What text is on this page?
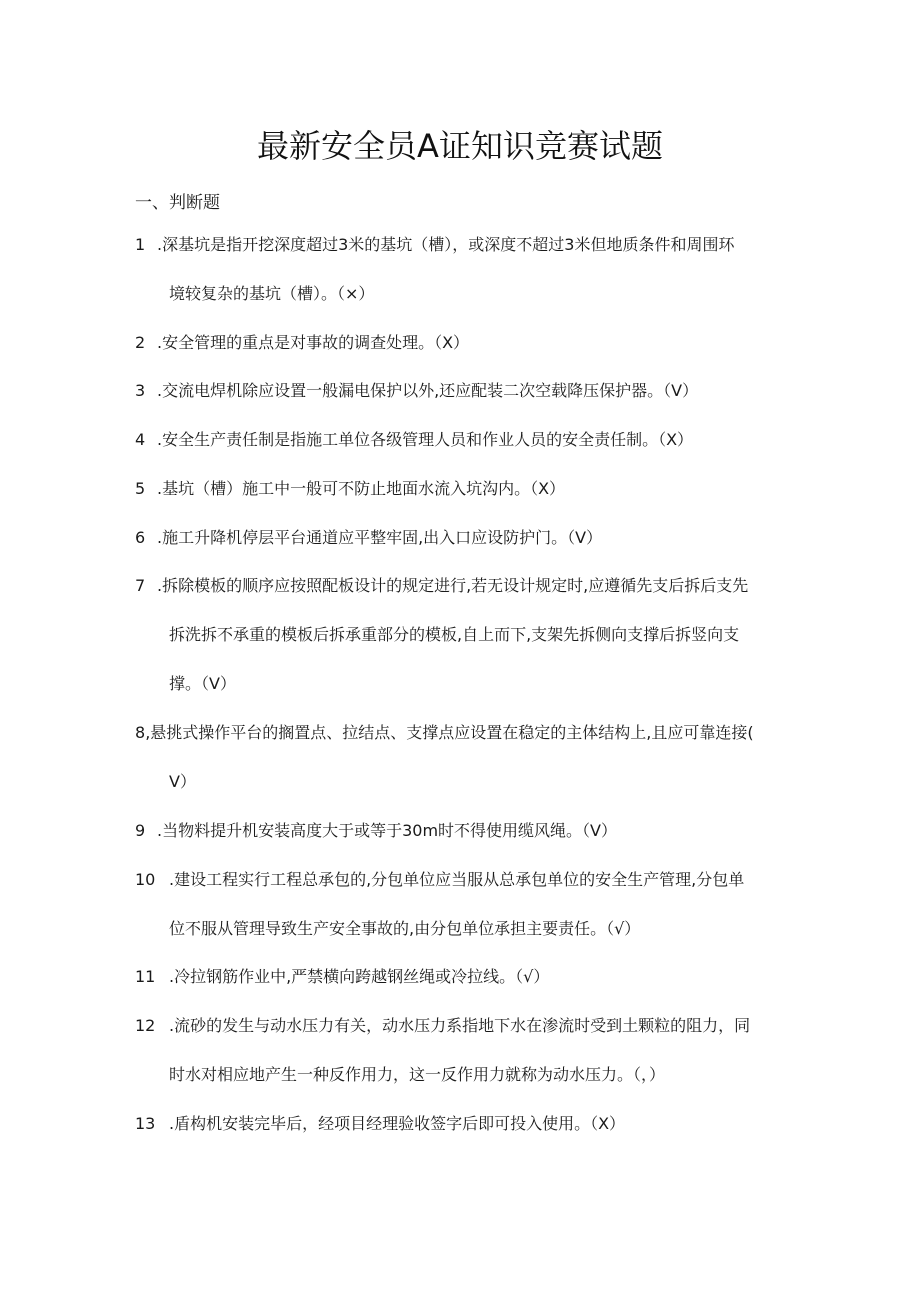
最新安全员A证知识竞赛试题
一、判断题
1 .深基坑是指开挖深度超过3米的基坑（槽），或深度不超过3米但地质条件和周围环
境较复杂的基坑（槽）。（×）
2 .安全管理的重点是对事故的调查处理。（X）
3 .交流电焊机除应设置一般漏电保护以外,还应配装二次空载降压保护器。（V）
4 .安全生产责任制是指施工单位各级管理人员和作业人员的安全责任制。（X）
5 .基坑（槽）施工中一般可不防止地面水流入坑沟内。（X）
6 .施工升降机停层平台通道应平整牢固,出入口应设防护门。（V）
7 .拆除模板的顺序应按照配板设计的规定进行,若无设计规定时,应遵循先支后拆后支先
拆洗拆不承重的模板后拆承重部分的模板,自上而下,支架先拆侧向支撑后拆竖向支
撑。（V）
8,悬挑式操作平台的搁置点、拉结点、支撑点应设置在稳定的主体结构上,且应可靠连接(
V）
9 .当物料提升机安装高度大于或等于30m时不得使用缆风绳。（V）
10 .建设工程实行工程总承包的,分包单位应当服从总承包单位的安全生产管理,分包单
位不服从管理导致生产安全事故的,由分包单位承担主要责任。（√）
11 .冷拉钢筋作业中,严禁横向跨越钢丝绳或冷拉线。（√）
12 .流砂的发生与动水压力有关，动水压力系指地下水在渗流时受到土颗粒的阻力，同
时水对相应地产生一种反作用力，这一反作用力就称为动水压力。（，）
13 .盾构机安装完毕后，经项目经理验收签字后即可投入使用。（X）
